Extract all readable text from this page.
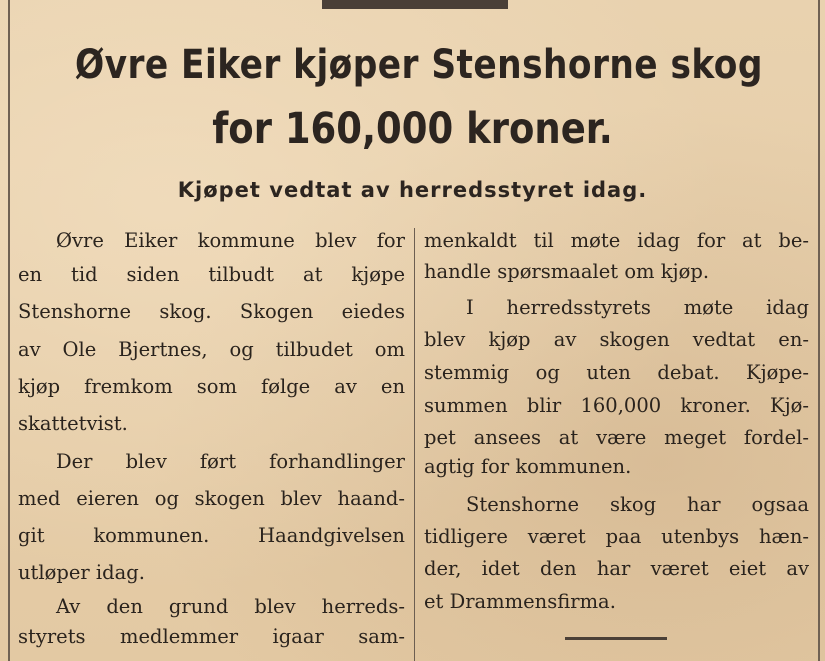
Øvre Eiker kjøper Stenshorne skog
for 160,000 kroner.
Kjøpet vedtat av herredsstyret idag.
Øvre Eiker kommune blev for
en tid siden tilbudt at kjøpe
Stenshorne skog. Skogen eiedes
av Ole Bjertnes, og tilbudet om
kjøp fremkom som følge av en
skattetvist.
Der blev ført forhandlinger
med eieren og skogen blev haand-
git kommunen. Haandgivelsen
utløper idag.
Av den grund blev herreds-
styrets medlemmer igaar sam-
menkaldt til møte idag for at be-
handle spørsmaalet om kjøp.
I herredsstyrets møte idag
blev kjøp av skogen vedtat en-
stemmig og uten debat. Kjøpe-
summen blir 160,000 kroner. Kjø-
pet ansees at være meget fordel-
agtig for kommunen.
Stenshorne skog har ogsaa
tidligere været paa utenbys hæn-
der, idet den har været eiet av
et Drammensfirma.
